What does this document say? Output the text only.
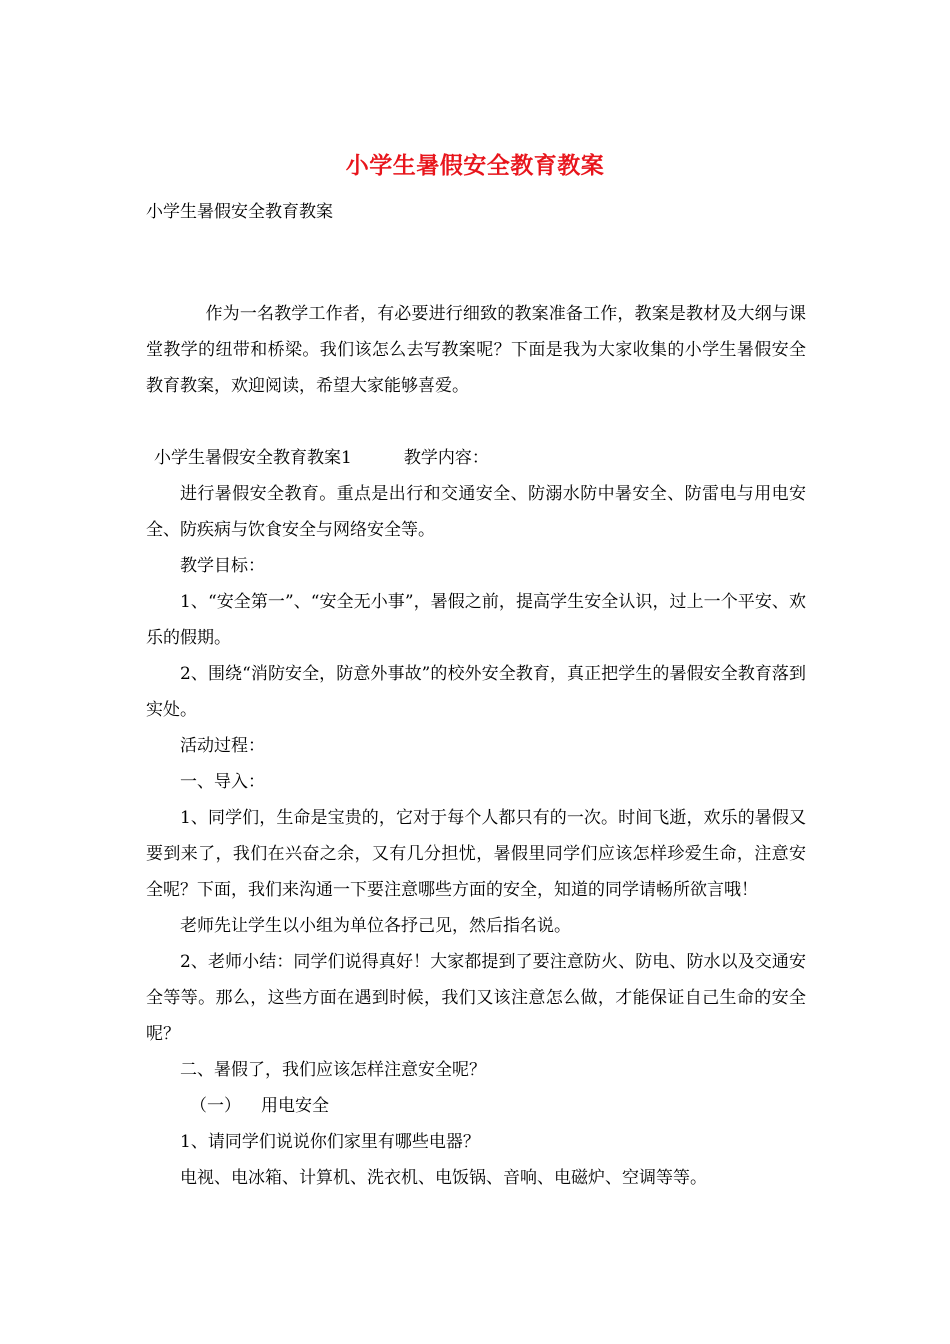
小学生暑假安全教育教案
小学生暑假安全教育教案

作为一名教学工作者，有必要进行细致的教案准备工作，教案是教材及大纲与课堂教学的纽带和桥梁。我们该怎么去写教案呢？下面是我为大家收集的小学生暑假安全教育教案，欢迎阅读，希望大家能够喜爱。

小学生暑假安全教育教案1	教学内容：

进行暑假安全教育。重点是出行和交通安全、防溺水防中暑安全、防雷电与用电安全、防疾病与饮食安全与网络安全等。

教学目标：

1、“安全第一”、“安全无小事”，暑假之前，提高学生安全认识，过上一个平安、欢乐的假期。

2、围绕“消防安全，防意外事故”的校外安全教育，真正把学生的暑假安全教育落到实处。

活动过程：

一、导入：

1、同学们，生命是宝贵的，它对于每个人都只有的一次。时间飞逝，欢乐的暑假又要到来了，我们在兴奋之余，又有几分担忧，暑假里同学们应该怎样珍爱生命，注意安全呢？下面，我们来沟通一下要注意哪些方面的安全，知道的同学请畅所欲言哦！

老师先让学生以小组为单位各抒己见，然后指名说。

2、老师小结：同学们说得真好！大家都提到了要注意防火、防电、防水以及交通安全等等。那么，这些方面在遇到时候，我们又该注意怎么做，才能保证自己生命的安全呢？

二、暑假了，我们应该怎样注意安全呢？

（一） 用电安全

1、请同学们说说你们家里有哪些电器？

电视、电冰箱、计算机、洗衣机、电饭锅、音响、电磁炉、空调等等。
